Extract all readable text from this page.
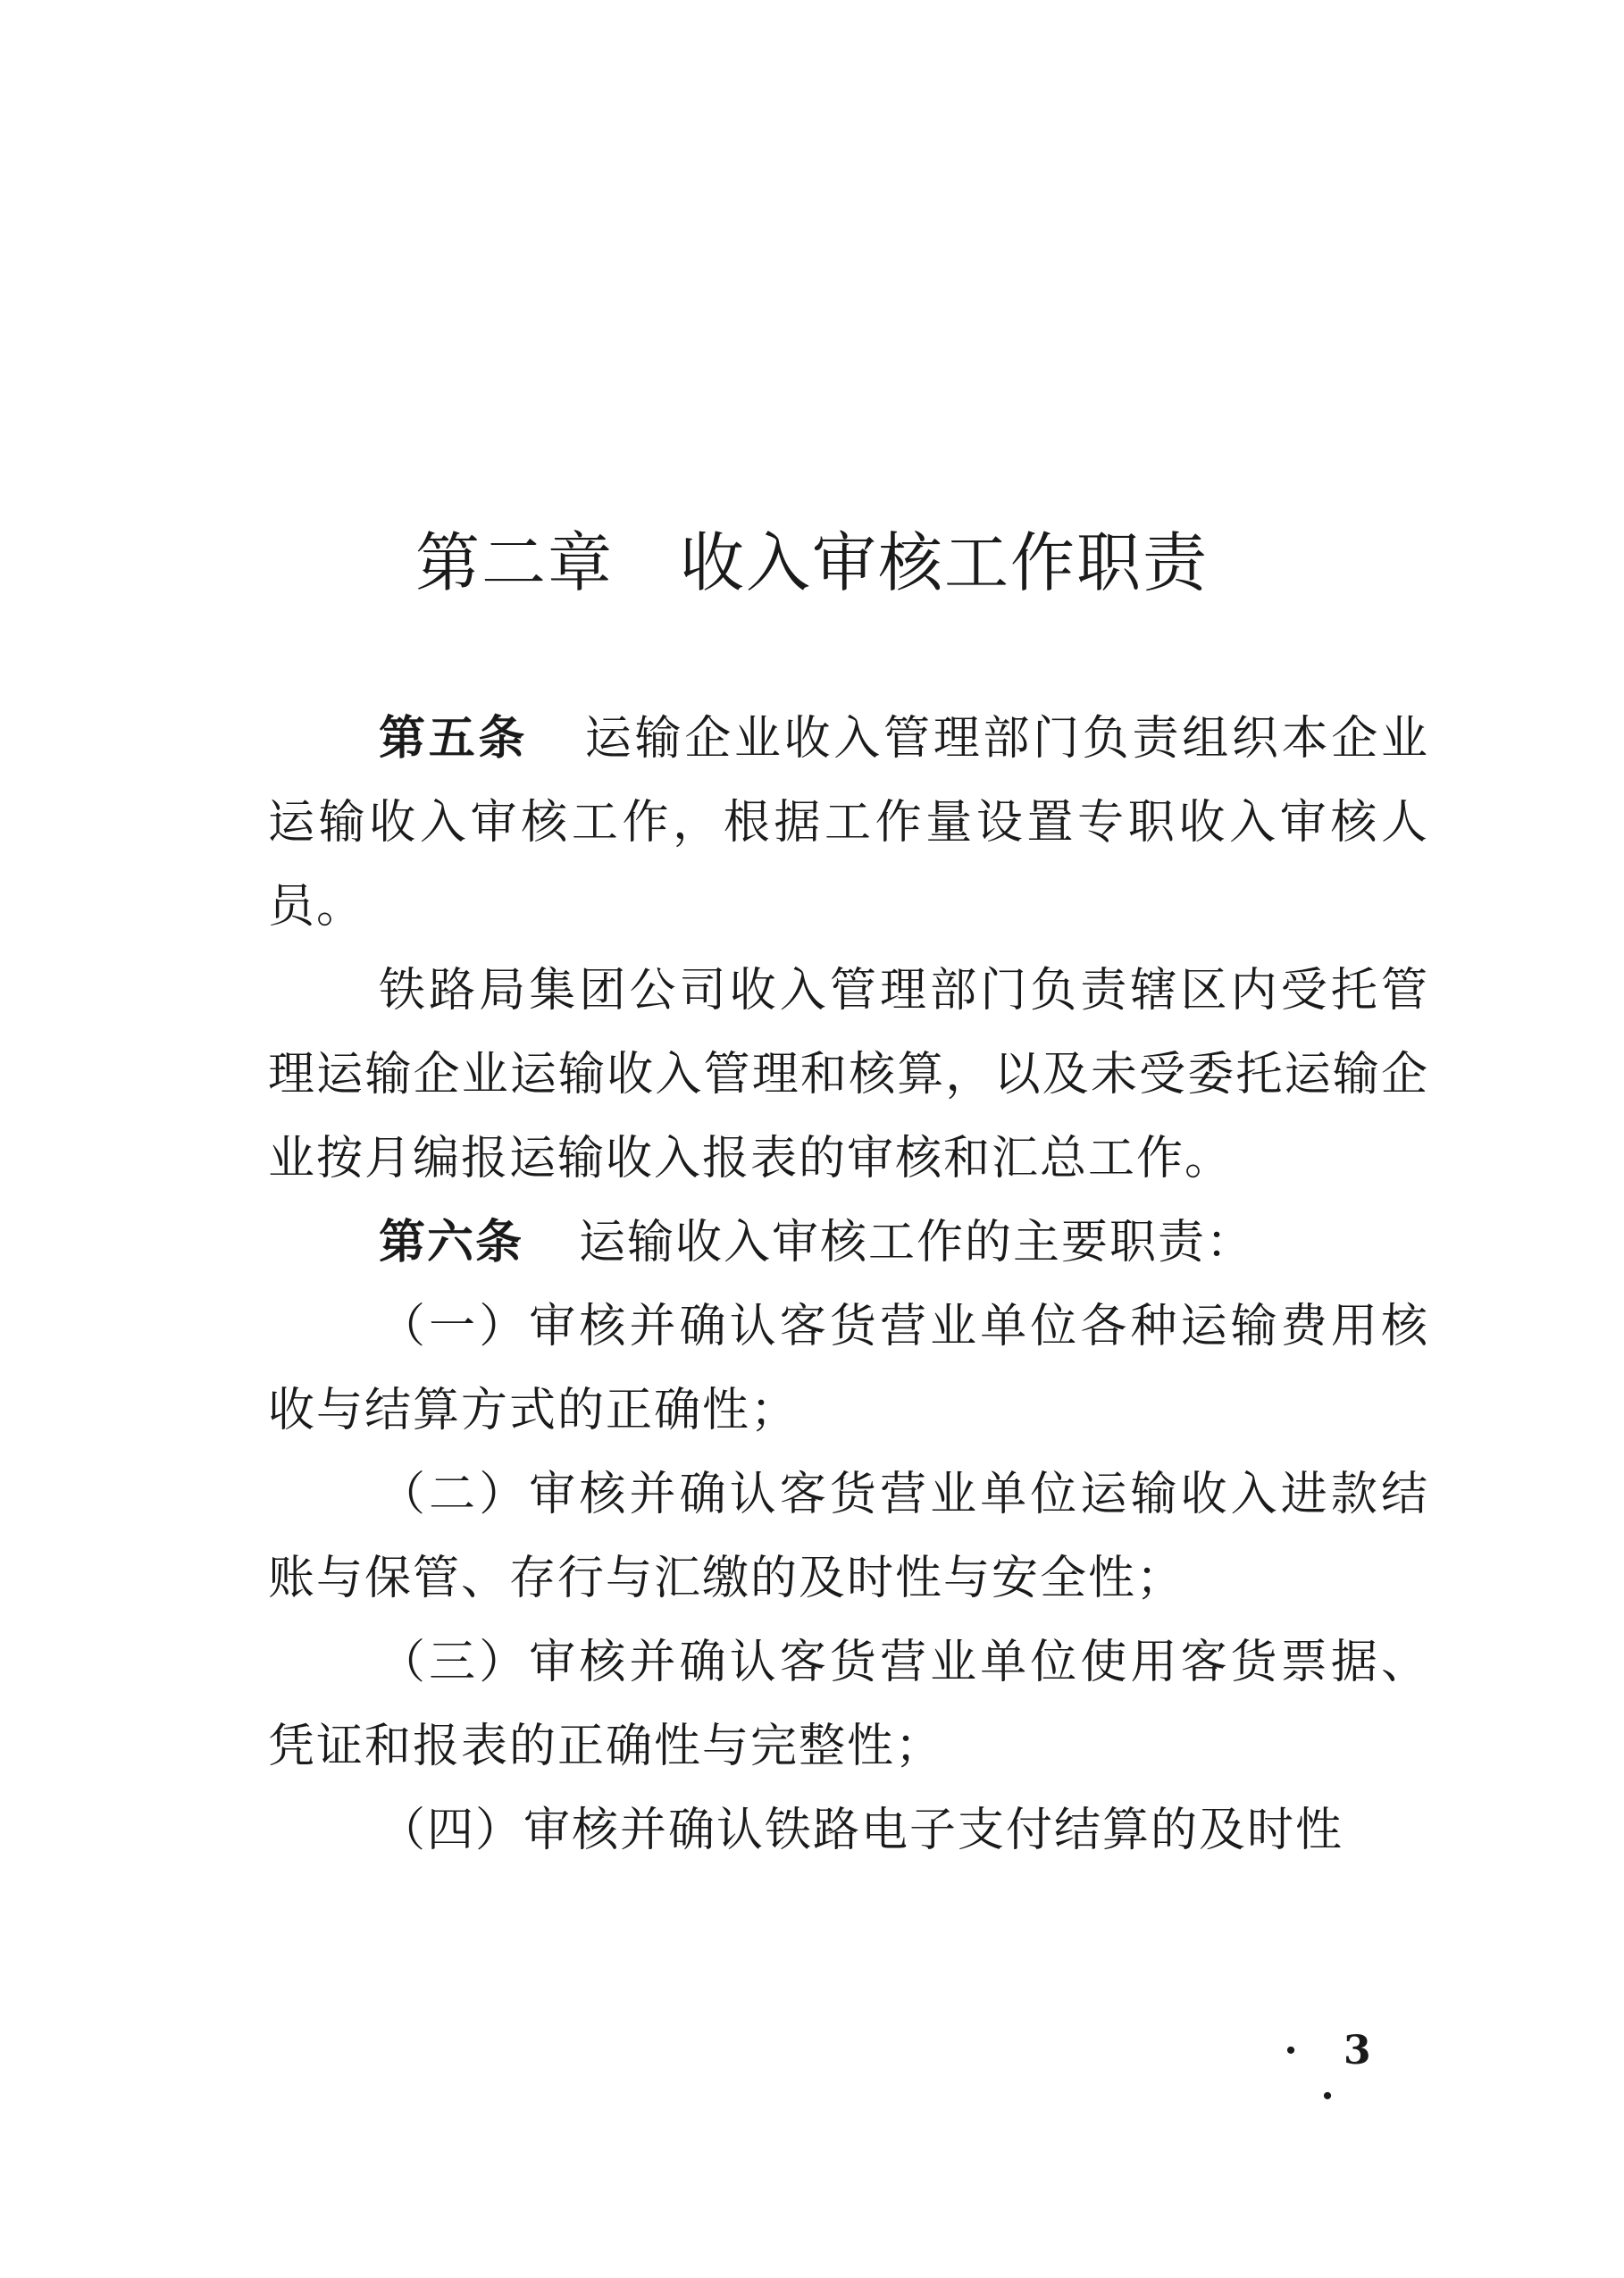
第二章　收入审核工作职责

第五条 运输企业收入管理部门负责组织本企业运输收入审核工作，根据工作量设置专职收入审核人员。

铁路局集团公司收入管理部门负责辖区内受托管理运输企业运输收入管理和核算，以及未受委托运输企业按月编报运输收入报表的审核和汇总工作。

第六条 运输收入审核工作的主要职责：

（一）审核并确认客货营业单位各种运输费用核收与结算方式的正确性；

（二）审核并确认客货营业单位运输收入进款结账与保管、存行与汇缴的及时性与安全性；

（三）审核并确认客货营业单位使用客货票据、凭证和报表的正确性与完整性；

（四）审核并确认铁路电子支付结算的及时性

· 3 ·
